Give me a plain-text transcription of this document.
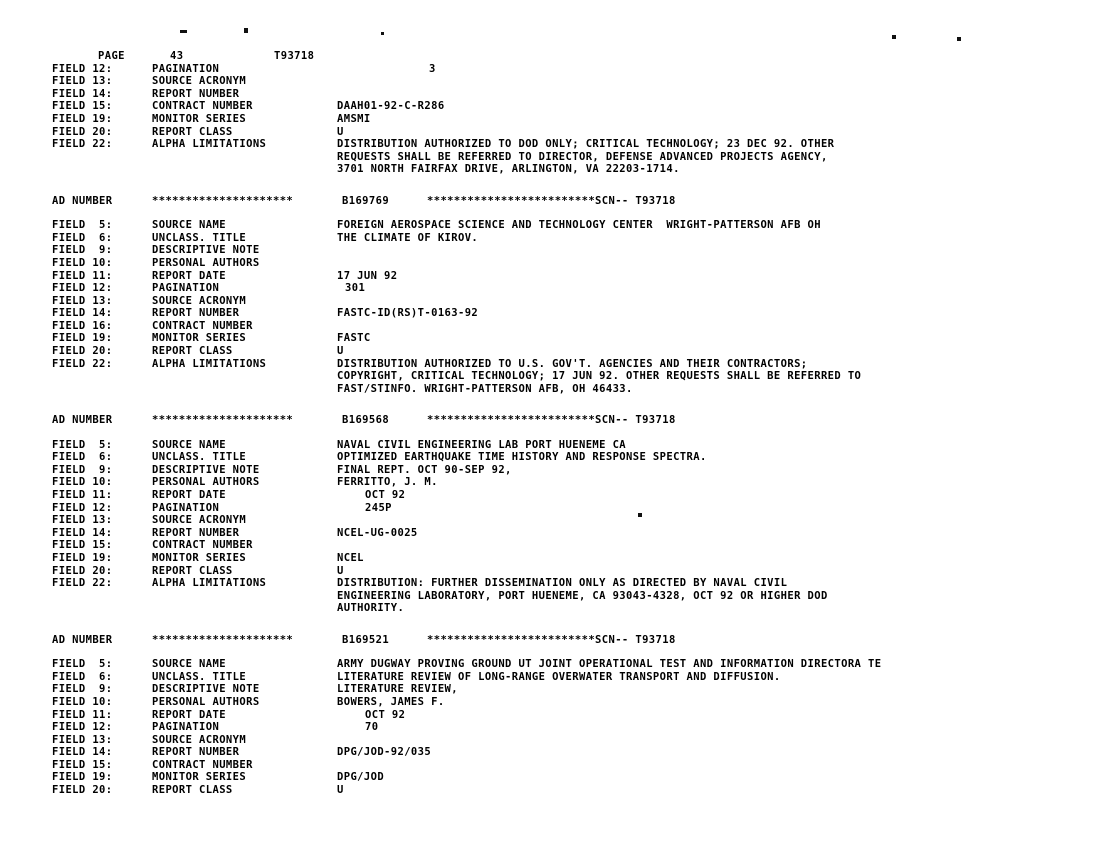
PAGE	43	T93718
FIELD 12:	PAGINATION	3
FIELD 13:	SOURCE ACRONYM
FIELD 14:	REPORT NUMBER
FIELD 15:	CONTRACT NUMBER	DAAH01-92-C-R286
FIELD 19:	MONITOR SERIES	AMSMI
FIELD 20:	REPORT CLASS	U
FIELD 22:	ALPHA LIMITATIONS	DISTRIBUTION AUTHORIZED TO DOD ONLY; CRITICAL TECHNOLOGY; 23 DEC 92. OTHER
REQUESTS SHALL BE REFERRED TO DIRECTOR, DEFENSE ADVANCED PROJECTS AGENCY,
3701 NORTH FAIRFAX DRIVE, ARLINGTON, VA 22203-1714.
AD NUMBER	*********************	B169769	*************************SCN-- T93718
FIELD  5:	SOURCE NAME	FOREIGN AEROSPACE SCIENCE AND TECHNOLOGY CENTER  WRIGHT-PATTERSON AFB OH
FIELD  6:	UNCLASS. TITLE	THE CLIMATE OF KIROV.
FIELD  9:	DESCRIPTIVE NOTE
FIELD 10:	PERSONAL AUTHORS
FIELD 11:	REPORT DATE	17 JUN 92
FIELD 12:	PAGINATION	301
FIELD 13:	SOURCE ACRONYM
FIELD 14:	REPORT NUMBER	FASTC-ID(RS)T-0163-92
FIELD 16:	CONTRACT NUMBER
FIELD 19:	MONITOR SERIES	FASTC
FIELD 20:	REPORT CLASS	U
FIELD 22:	ALPHA LIMITATIONS	DISTRIBUTION AUTHORIZED TO U.S. GOV'T. AGENCIES AND THEIR CONTRACTORS;
COPYRIGHT, CRITICAL TECHNOLOGY; 17 JUN 92. OTHER REQUESTS SHALL BE REFERRED TO
FAST/STINFO. WRIGHT-PATTERSON AFB, OH 46433.
AD NUMBER	*********************	B169568	*************************SCN-- T93718
FIELD  5:	SOURCE NAME	NAVAL CIVIL ENGINEERING LAB PORT HUENEME CA
FIELD  6:	UNCLASS. TITLE	OPTIMIZED EARTHQUAKE TIME HISTORY AND RESPONSE SPECTRA.
FIELD  9:	DESCRIPTIVE NOTE	FINAL REPT. OCT 90-SEP 92,
FIELD 10:	PERSONAL AUTHORS	FERRITTO, J. M.
FIELD 11:	REPORT DATE	OCT 92
FIELD 12:	PAGINATION	245P
FIELD 13:	SOURCE ACRONYM
FIELD 14:	REPORT NUMBER	NCEL-UG-0025
FIELD 15:	CONTRACT NUMBER
FIELD 19:	MONITOR SERIES	NCEL
FIELD 20:	REPORT CLASS	U
FIELD 22:	ALPHA LIMITATIONS	DISTRIBUTION: FURTHER DISSEMINATION ONLY AS DIRECTED BY NAVAL CIVIL
ENGINEERING LABORATORY, PORT HUENEME, CA 93043-4328, OCT 92 OR HIGHER DOD
AUTHORITY.
AD NUMBER	*********************	B169521	*************************SCN-- T93718
FIELD  5:	SOURCE NAME	ARMY DUGWAY PROVING GROUND UT JOINT OPERATIONAL TEST AND INFORMATION DIRECTORA TE
FIELD  6:	UNCLASS. TITLE	LITERATURE REVIEW OF LONG-RANGE OVERWATER TRANSPORT AND DIFFUSION.
FIELD  9:	DESCRIPTIVE NOTE	LITERATURE REVIEW,
FIELD 10:	PERSONAL AUTHORS	BOWERS, JAMES F.
FIELD 11:	REPORT DATE	OCT 92
FIELD 12:	PAGINATION	70
FIELD 13:	SOURCE ACRONYM
FIELD 14:	REPORT NUMBER	DPG/JOD-92/035
FIELD 15:	CONTRACT NUMBER
FIELD 19:	MONITOR SERIES	DPG/JOD
FIELD 20:	REPORT CLASS	U
